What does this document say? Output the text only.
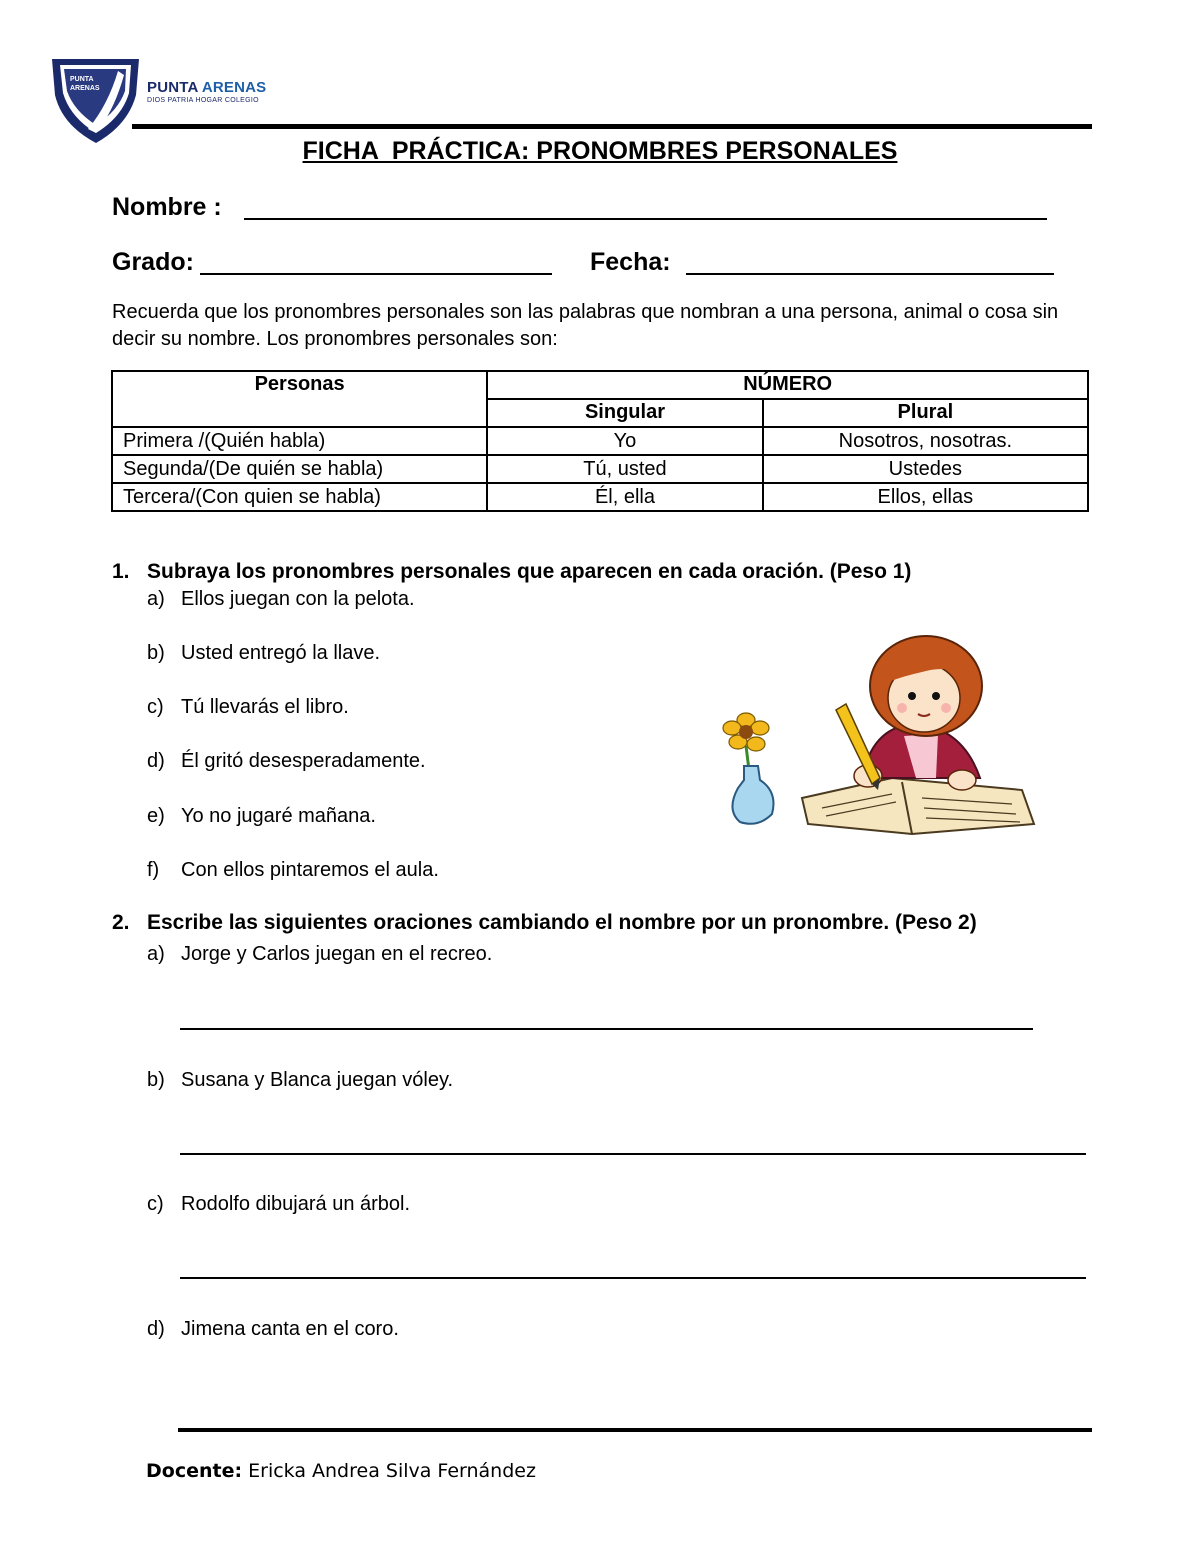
PUNTA
ARENAS	PUNTA ARENAS
DIOS PATRIA HOGAR COLEGIO
FICHA  PRÁCTICA: PRONOMBRES PERSONALES
Nombre :
Grado:	Fecha:
Recuerda que los pronombres personales son las palabras que nombran a una persona, animal o cosa sin decir su nombre. Los pronombres personales son:
Personas	NÚMERO	
	Singular	Plural
Primera /(Quién habla)	Yo	Nosotros, nosotras.
Segunda/(De quién se habla)	Tú, usted	Ustedes
Tercera/(Con quien se habla)	Él, ella	Ellos, ellas
1. Subraya los pronombres personales que aparecen en cada oración. (Peso 1)
a) Ellos juegan con la pelota.
b) Usted entregó la llave.
c) Tú llevarás el libro.
d) Él gritó desesperadamente.
e) Yo no jugaré mañana.
f) Con ellos pintaremos el aula.
2. Escribe las siguientes oraciones cambiando el nombre por un pronombre. (Peso 2)
a) Jorge y Carlos juegan en el recreo.
b) Susana y Blanca juegan vóley.
c) Rodolfo dibujará un árbol.
d) Jimena canta en el coro.
Docente: Ericka Andrea Silva Fernández
